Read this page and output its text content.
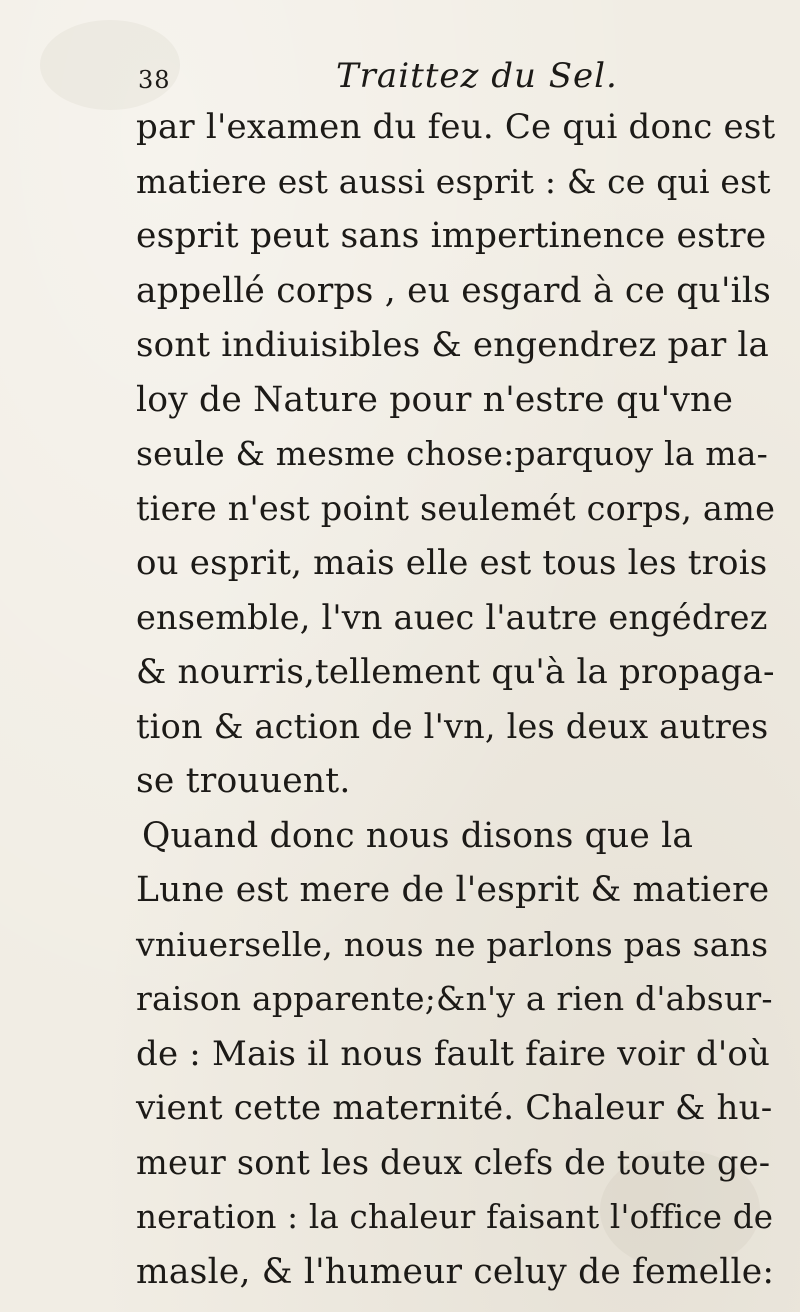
38	Traittez du Sel.
par l'examen du feu. Ce qui donc est
matiere est aussi esprit : & ce qui est
esprit peut sans impertinence estre
appellé corps , eu esgard à ce qu'ils
sont indiuisibles & engendrez par la
loy de Nature pour n'estre qu'vne
seule & mesme chose:parquoy la ma-
tiere n'est point seulemét corps, ame
ou esprit, mais elle est tous les trois
ensemble, l'vn auec l'autre engédrez
& nourris,tellement qu'à la propaga-
tion & action de l'vn, les deux autres
se trouuent.
Quand donc nous disons que la
Lune est mere de l'esprit & matiere
vniuerselle, nous ne parlons pas sans
raison apparente;&n'y a rien d'absur-
de : Mais il nous fault faire voir d'où
vient cette maternité. Chaleur & hu-
meur sont les deux clefs de toute ge-
neration : la chaleur faisant l'office de
masle, & l'humeur celuy de femelle:
